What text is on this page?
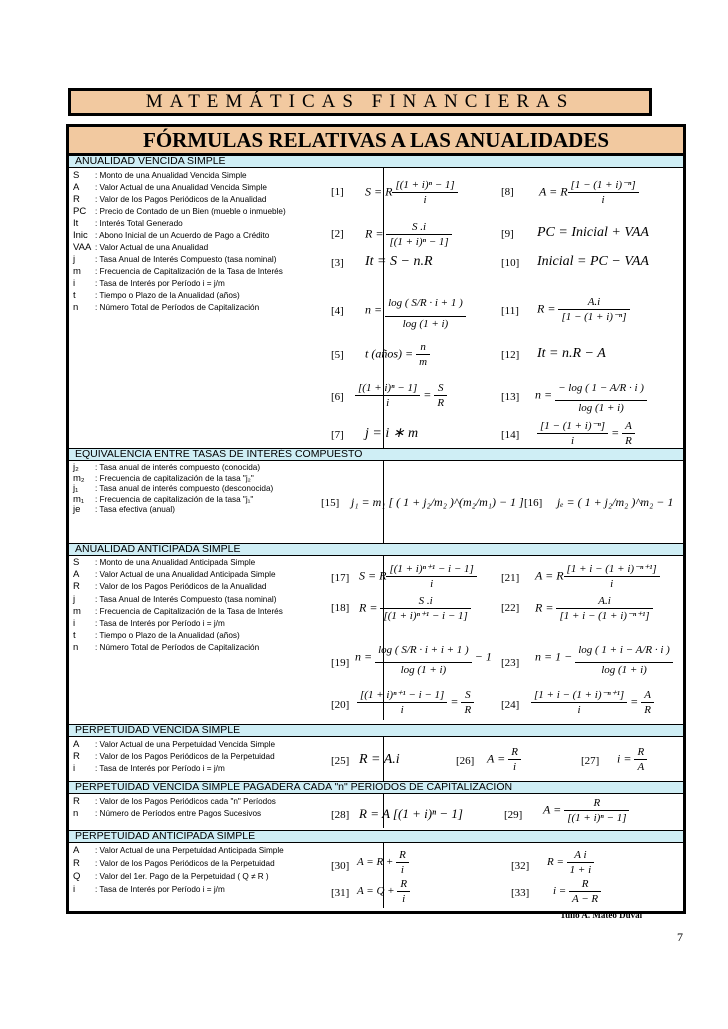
MATEMÁTICAS FINANCIERAS
FÓRMULAS RELATIVAS A LAS ANUALIDADES
ANUALIDAD VENCIDA SIMPLE
S : Monto de una Anualidad Vencida Simple
A : Valor Actual de una Anualidad Vencida Simple
R : Valor de los Pagos Periódicos de la Anualidad
PC : Precio de Contado de un Bien (mueble o inmueble)
It : Interés Total Generado
Inic : Abono Inicial de un Acuerdo de Pago a Crédito
VAA : Valor Actual de una Anualidad
j : Tasa Anual de Interés Compuesto (tasa nominal)
m : Frecuencia de Capitalización de la Tasa de Interés
i : Tasa de Interés por Período i = j/m
t : Tiempo o Plazo de la Anualidad (años)
n : Número Total de Períodos de Capitalización
[1] S = R $\frac{\text{[(1 + i)ⁿ − 1]}}{i}$
[2] $R = \frac{S .i}{\text{[(1 + i)ⁿ − 1]}}$
[3] It = S − n.R
[4] $n = \frac{\log ( S/R \cdot i + 1 )}{\log (1 + i)}$
[5] t (años) = $\frac{n}{m}$
$[6] \frac{\text{[(1 + i)ⁿ − 1]}}{i} = \frac{S}{R}$
[7] j = i ∗ m
[8] A = R $\frac{\text{[1 − (1 + i)⁻ⁿ]}}{i}$
[9] PC = Inicial + VAA
[10] Inicial = PC − VAA
[11] $R = \frac{A.i}{\text{[1 − (1 + i)⁻ⁿ]}}$
[12] It = n.R − A
[13] $n = \frac{- \log ( 1 - A/R \cdot i )}{\log (1 + i)}$
$[14] \frac{\text{[1 − (1 + i)⁻ⁿ]}}{i} = \frac{A}{R}$
EQUIVALENCIA ENTRE TASAS DE INTERÉS COMPUESTO
j₂ : Tasa anual de interés compuesto (conocida)
m₂ : Frecuencia de capitalización de la tasa "j₂"
j₁ : Tasa anual de interés compuesto (desconocida)
m₁ : Frecuencia de capitalización de la tasa "j₁"
je : Tasa efectiva (anual)
[15] j₁ = m₁ [ ( 1 + j₂/m₂ )^(m₂/m₁) − 1 ] [16] jₑ = ( 1 + j₂/m₂ )^m₂ − 1
ANUALIDAD ANTICIPADA SIMPLE
S : Monto de una Anualidad Anticipada Simple
A : Valor Actual de una Anualidad Anticipada Simple
R : Valor de los Pagos Periódicos de la Anualidad
j : Tasa Anual de Interés Compuesto (tasa nominal)
m : Frecuencia de Capitalización de la Tasa de Interés
i : Tasa de Interés por Período i = j/m
t : Tiempo o Plazo de la Anualidad (años)
n : Número Total de Períodos de Capitalización
[17] S = R $\frac{\text{[(1 + i)ⁿ⁺¹ − i − 1]}}{i}$
[18] $R = \frac{S .i}{\text{[(1 + i)ⁿ⁺¹ − i − 1]}}$
[19] $n = \frac{\log ( S/R \cdot i + i + 1 )}{\log (1 + i)} - 1$
$[20] \frac{\text{[(1 + i)ⁿ⁺¹ − i − 1]}}{i} = \frac{S}{R}$
[21] A = R $\frac{\text{[1 + i − (1 + i)⁻ⁿ⁺¹]}}{i}$
[22] $R = \frac{A.i}{\text{[1 + i − (1 + i)⁻ⁿ⁺¹]}}$
[23] $n = 1 - \frac{\log ( 1 + i - A/R \cdot i )}{\log (1 + i)}$
$[24] \frac{\text{[1 + i − (1 + i)⁻ⁿ⁺¹]}}{i} = \frac{A}{R}$
PERPETUIDAD VENCIDA SIMPLE
A : Valor Actual de una Perpetuidad Vencida Simple
R : Valor de los Pagos Periódicos de la Perpetuidad
i : Tasa de Interés por Período i = j/m
[25] R = A.i	[26] $A = \frac{R}{i}$	[27] $i = \frac{R}{A}$
PERPETUIDAD VENCIDA SIMPLE PAGADERA CADA "n" PERIODOS DE CAPITALIZACIÓN
R : Valor de los Pagos Periódicos cada "n" Períodos
n : Número de Períodos entre Pagos Sucesivos	[28] R = A [(1 + i)ⁿ − 1]	[29] $A = \frac{R}{\text{[(1 + i)ⁿ − 1]}}$
PERPETUIDAD ANTICIPADA SIMPLE
A : Valor Actual de una Perpetuidad Anticipada Simple
R : Valor de los Pagos Periódicos de la Perpetuidad
Q : Valor del 1er. Pago de la Perpetuidad ( Q ≠ R )
i : Tasa de Interés por Período i = j/m
[30] $A = R + \frac{R}{i}$
[31] $A = Q + \frac{R}{i}$
[32] $R = \frac{\text{A i}}{1 + i}$
[33] $i = \frac{R}{A - R}$
Tulio A. Mateo Duval
7
